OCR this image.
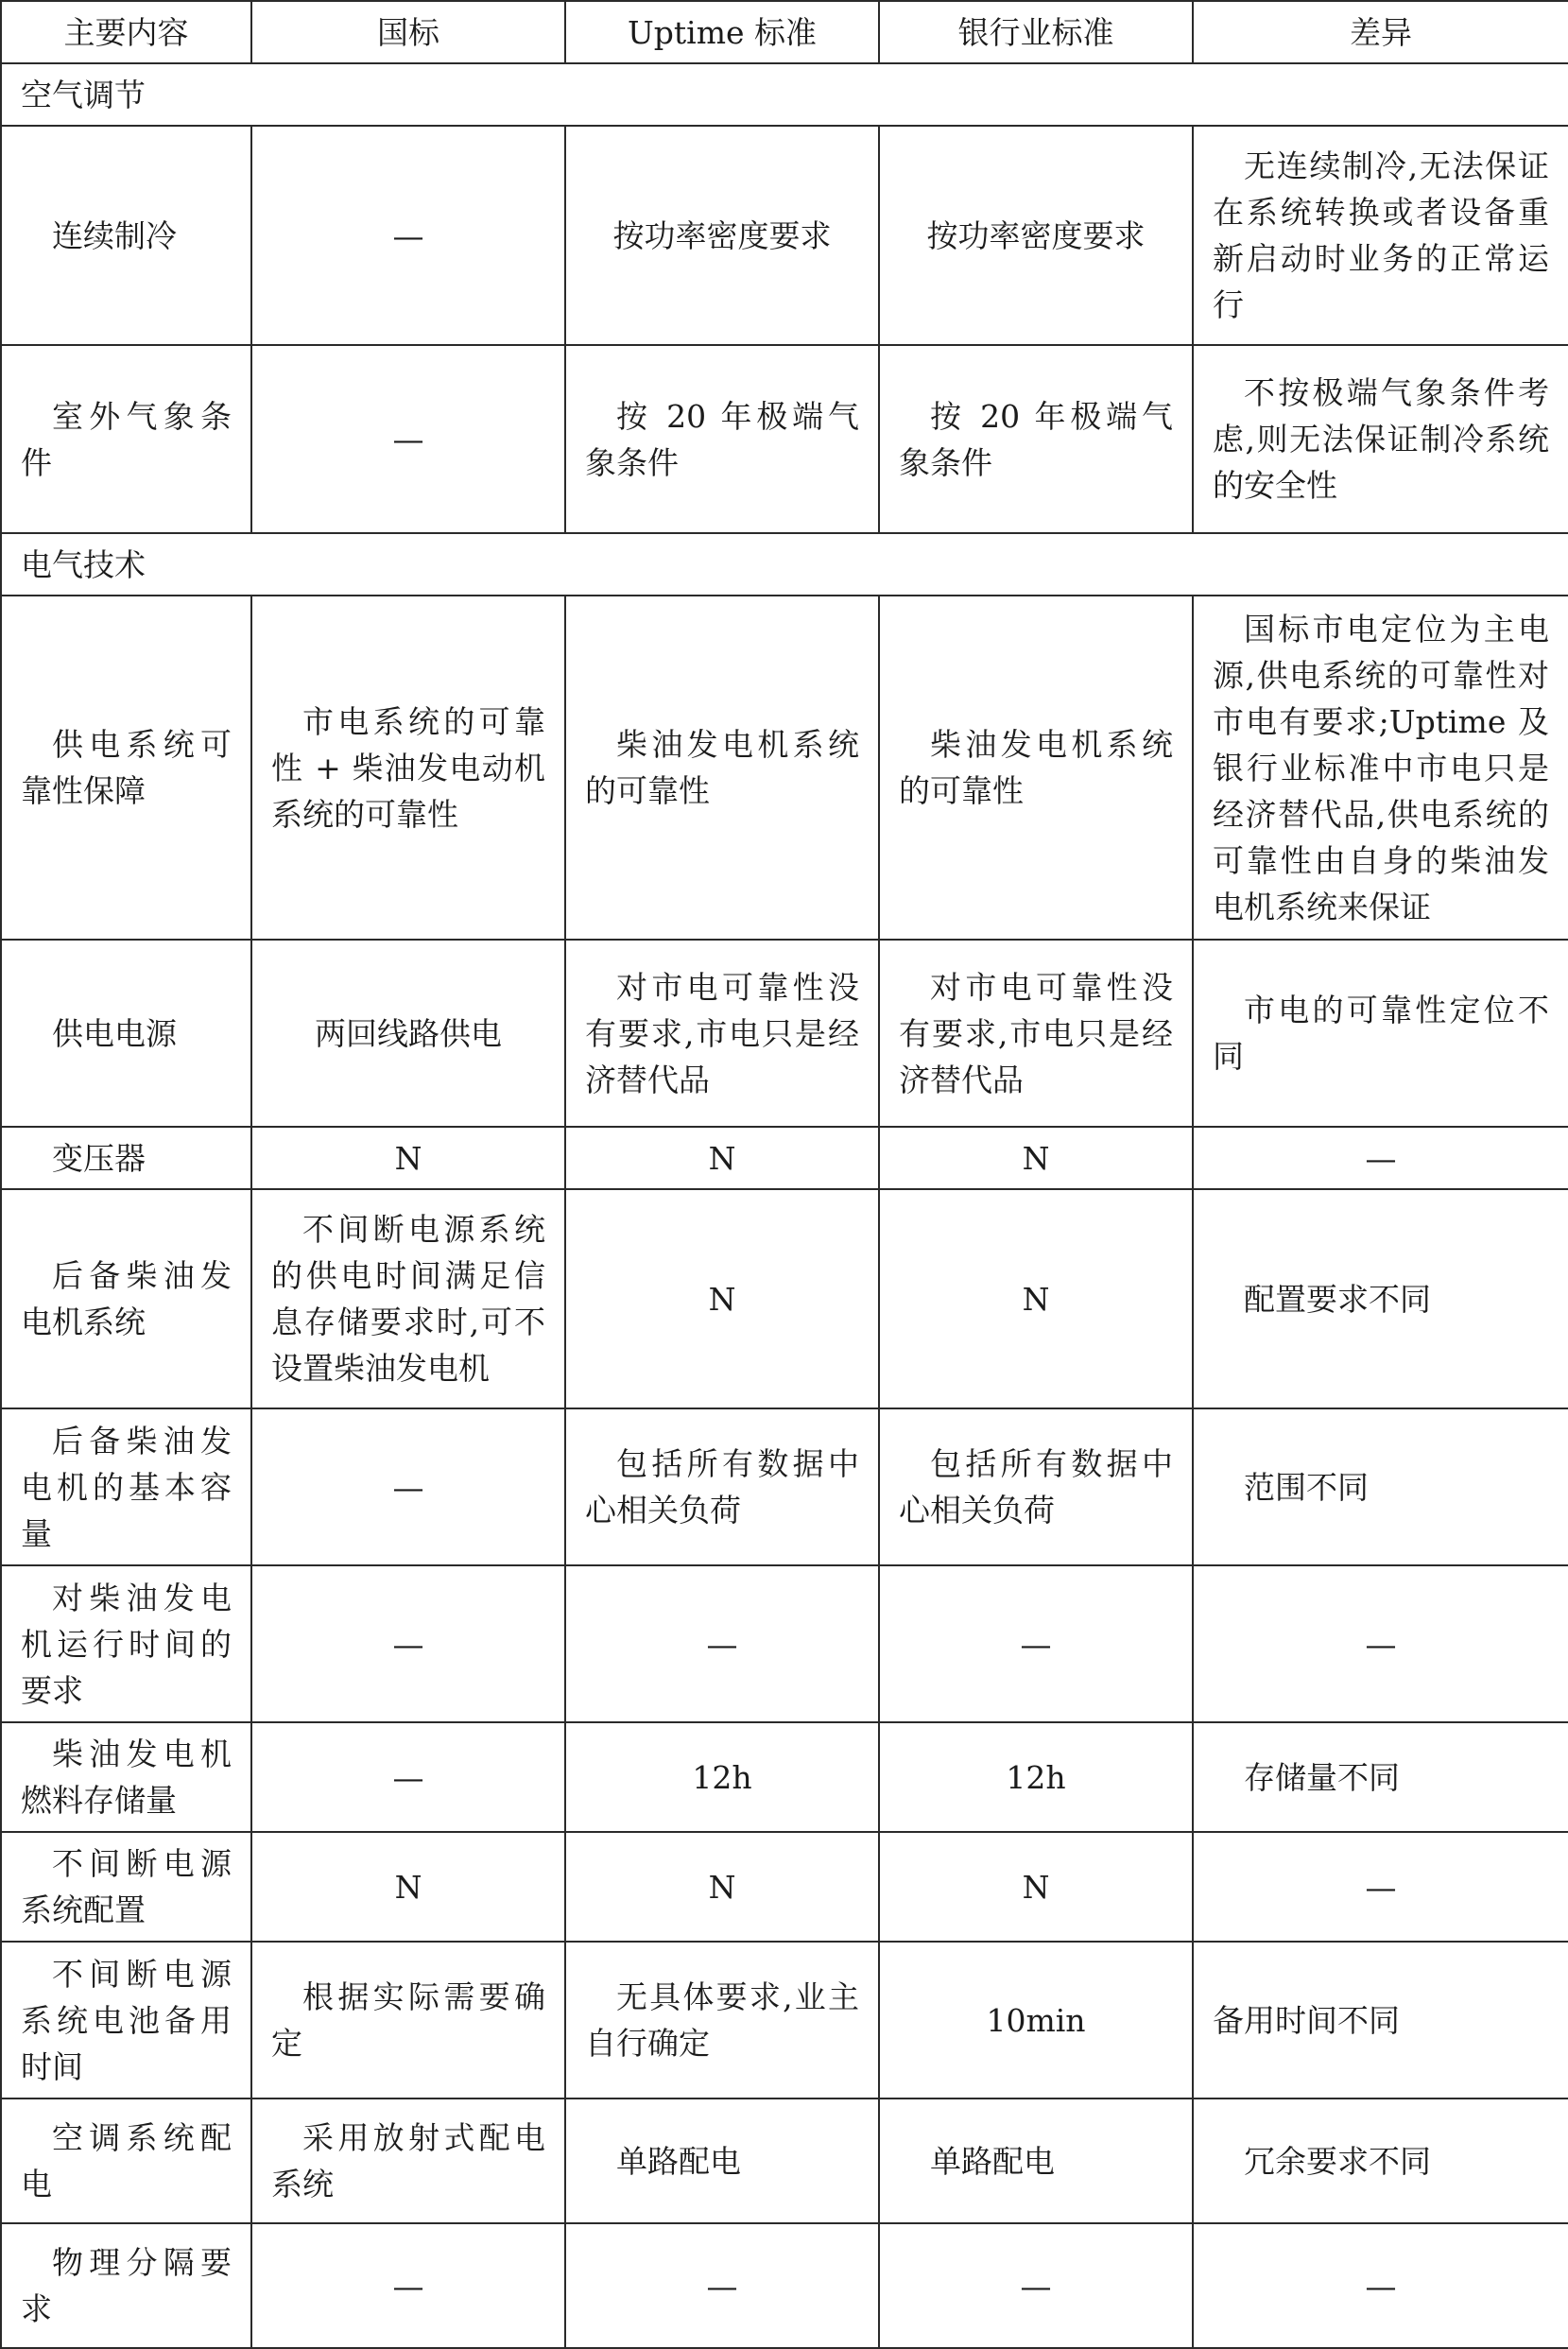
主要内容	国标	Uptime 标准	银行业标准	差异
空气调节				

连续制冷	—	按功率密度要求	按功率密度要求	无连续制冷,无法保证在系统转换或者设备重新启动时业务的正常运行

室外气象条件	—	按 20 年极端气象条件	按 20 年极端气象条件	不按极端气象条件考虑,则无法保证制冷系统的安全性

电气技术				

供电系统可靠性保障	市电系统的可靠性 + 柴油发电动机系统的可靠性	柴油发电机系统的可靠性	柴油发电机系统的可靠性	国标市电定位为主电源,供电系统的可靠性对市电有要求;Uptime 及银行业标准中市电只是经济替代品,供电系统的可靠性由自身的柴油发电机系统来保证

供电电源	两回线路供电	对市电可靠性没有要求,市电只是经济替代品	对市电可靠性没有要求,市电只是经济替代品	市电的可靠性定位不同

变压器	N	N	N	—

后备柴油发电机系统	不间断电源系统的供电时间满足信息存储要求时,可不设置柴油发电机	N	N	配置要求不同

后备柴油发电机的基本容量	—	包括所有数据中心相关负荷	包括所有数据中心相关负荷	范围不同

对柴油发电机运行时间的要求	—	—	—	—

柴油发电机燃料存储量	—	12h	12h	存储量不同

不间断电源系统配置	N	N	N	—

不间断电源系统电池备用时间	根据实际需要确定	无具体要求,业主自行确定	10min	备用时间不同

空调系统配电	采用放射式配电系统	单路配电	单路配电	冗余要求不同

物理分隔要求	—	—	—	—
